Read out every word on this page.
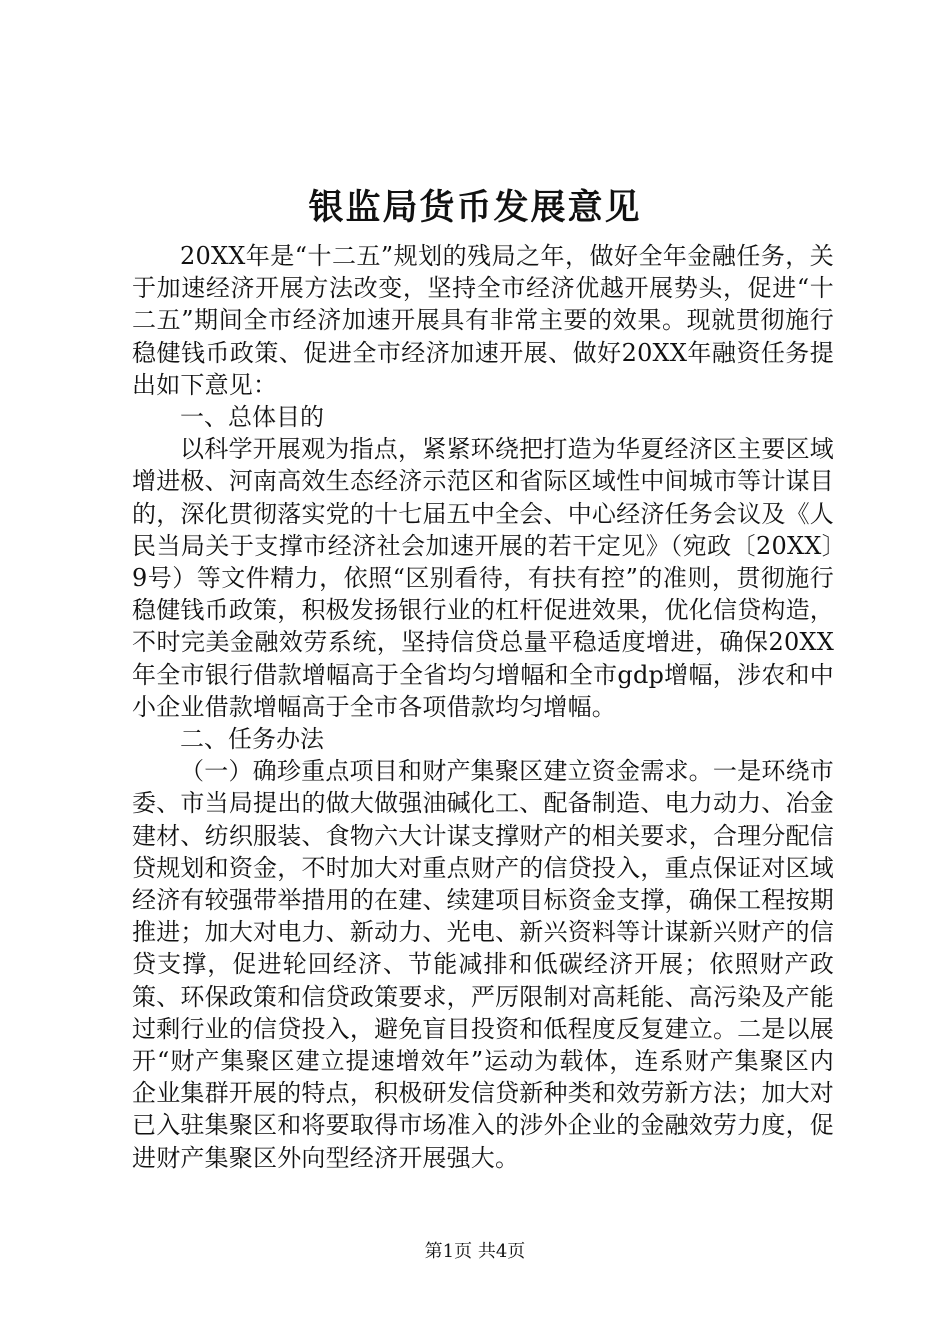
银监局货币发展意见

20XX年是“十二五”规划的残局之年，做好全年金融任务，关于加速经济开展方法改变，坚持全市经济优越开展势头，促进“十二五”期间全市经济加速开展具有非常主要的效果。现就贯彻施行稳健钱币政策、促进全市经济加速开展、做好20XX年融资任务提出如下意见：

一、总体目的

以科学开展观为指点，紧紧环绕把打造为华夏经济区主要区域增进极、河南高效生态经济示范区和省际区域性中间城市等计谋目的，深化贯彻落实党的十七届五中全会、中心经济任务会议及《人民当局关于支撑市经济社会加速开展的若干定见》（宛政〔20XX〕9号）等文件精力，依照“区别看待，有扶有控”的准则，贯彻施行稳健钱币政策，积极发扬银行业的杠杆促进效果，优化信贷构造，不时完美金融效劳系统，坚持信贷总量平稳适度增进，确保20XX年全市银行借款增幅高于全省均匀增幅和全市gdp增幅，涉农和中小企业借款增幅高于全市各项借款均匀增幅。

二、任务办法

（一）确珍重点项目和财产集聚区建立资金需求。一是环绕市委、市当局提出的做大做强油碱化工、配备制造、电力动力、冶金建材、纺织服装、食物六大计谋支撑财产的相关要求，合理分配信贷规划和资金，不时加大对重点财产的信贷投入，重点保证对区域经济有较强带举措用的在建、续建项目标资金支撑，确保工程按期推进；加大对电力、新动力、光电、新兴资料等计谋新兴财产的信贷支撑，促进轮回经济、节能减排和低碳经济开展；依照财产政策、环保政策和信贷政策要求，严厉限制对高耗能、高污染及产能过剩行业的信贷投入，避免盲目投资和低程度反复建立。二是以展开“财产集聚区建立提速增效年”运动为载体，连系财产集聚区内企业集群开展的特点，积极研发信贷新种类和效劳新方法；加大对已入驻集聚区和将要取得市场准入的涉外企业的金融效劳力度，促进财产集聚区外向型经济开展强大。

第1页 共4页
